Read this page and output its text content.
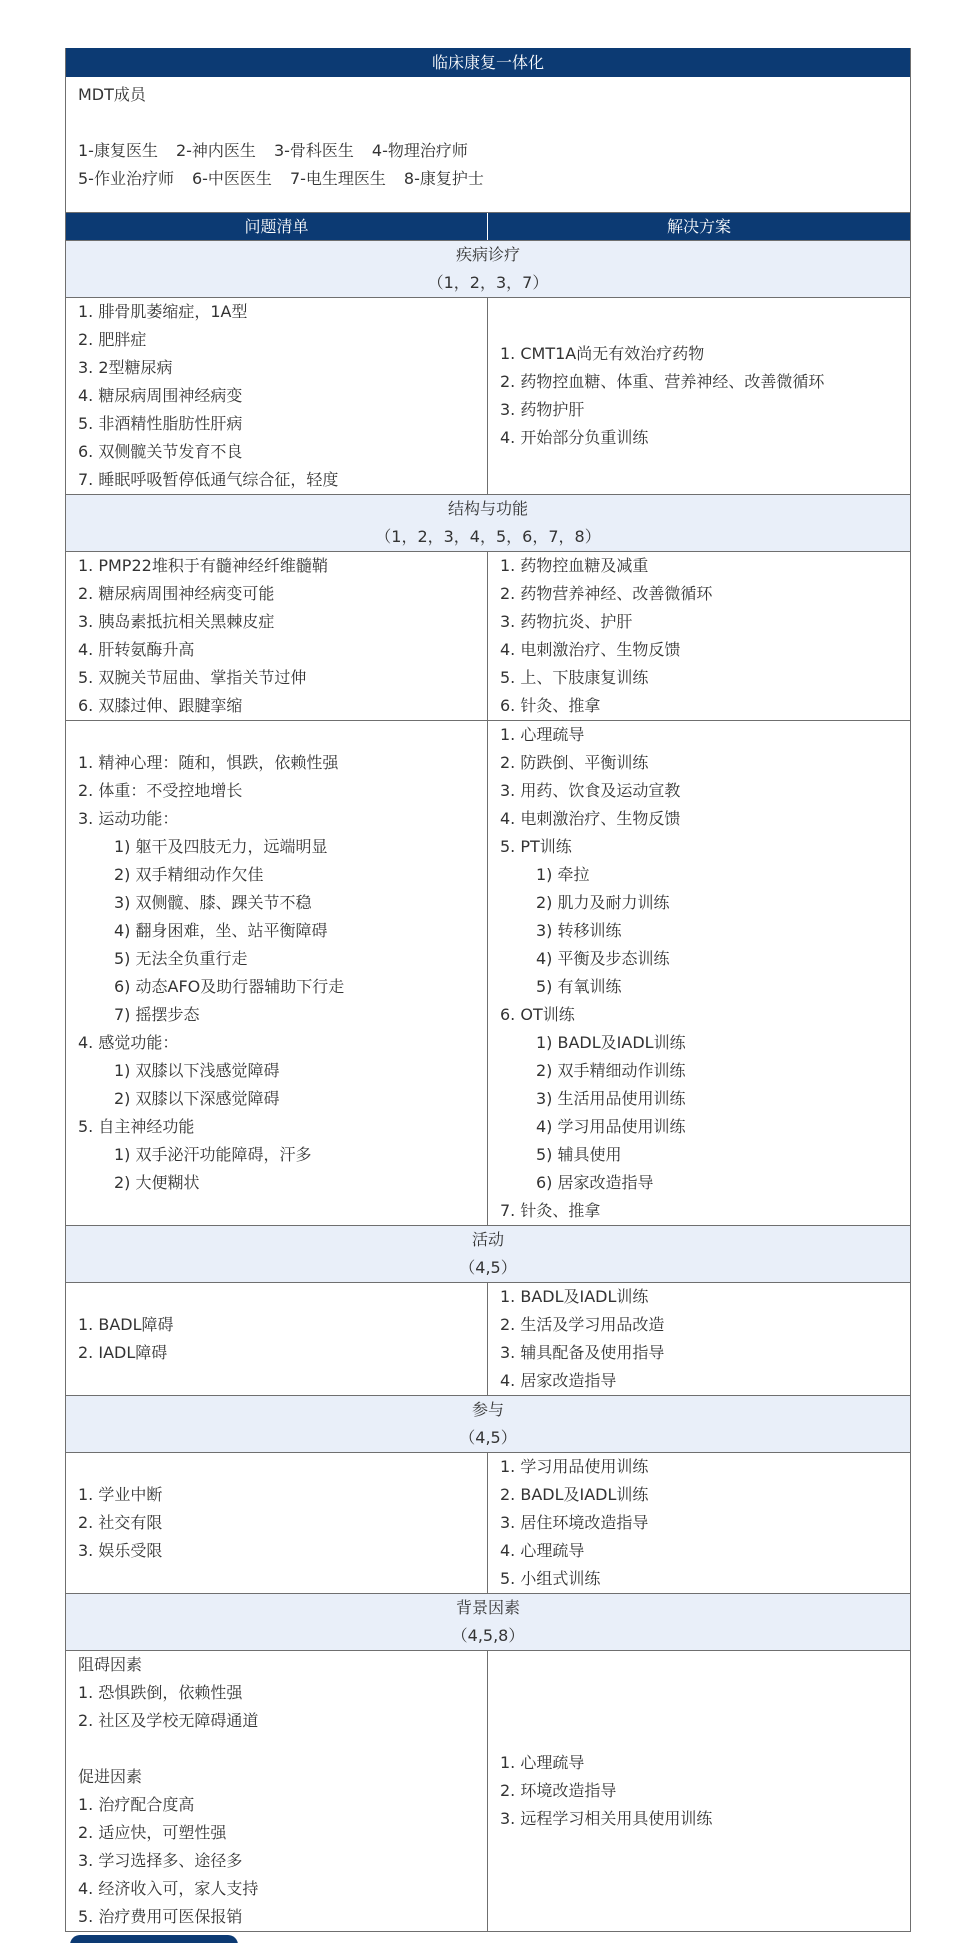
临床康复一体化
MDT成员
1-康复医生 2-神内医生 3-骨科医生 4-物理治疗师
5-作业治疗师 6-中医医生 7-电生理医生 8-康复护士
问题清单	解决方案
疾病诊疗
（1，2，3，7）
1. 腓骨肌萎缩症，1A型
2. 肥胖症
3. 2型糖尿病
4. 糖尿病周围神经病变
5. 非酒精性脂肪性肝病
6. 双侧髋关节发育不良
7. 睡眠呼吸暂停低通气综合征，轻度
1. CMT1A尚无有效治疗药物
2. 药物控血糖、体重、营养神经、改善微循环
3. 药物护肝
4. 开始部分负重训练
结构与功能
（1，2，3，4，5，6，7，8）
1. PMP22堆积于有髓神经纤维髓鞘
2. 糖尿病周围神经病变可能
3. 胰岛素抵抗相关黑棘皮症
4. 肝转氨酶升高
5. 双腕关节屈曲、掌指关节过伸
6. 双膝过伸、跟腱挛缩
1. 药物控血糖及减重
2. 药物营养神经、改善微循环
3. 药物抗炎、护肝
4. 电刺激治疗、生物反馈
5. 上、下肢康复训练
6. 针灸、推拿
1. 精神心理：随和，惧跌，依赖性强
2. 体重：不受控地增长
3. 运动功能：
1) 躯干及四肢无力，远端明显
2) 双手精细动作欠佳
3) 双侧髋、膝、踝关节不稳
4) 翻身困难，坐、站平衡障碍
5) 无法全负重行走
6) 动态AFO及助行器辅助下行走
7) 摇摆步态
4. 感觉功能：
1) 双膝以下浅感觉障碍
2) 双膝以下深感觉障碍
5. 自主神经功能
1) 双手泌汗功能障碍，汗多
2) 大便糊状
1. 心理疏导
2. 防跌倒、平衡训练
3. 用药、饮食及运动宣教
4. 电刺激治疗、生物反馈
5. PT训练
1) 牵拉
2) 肌力及耐力训练
3) 转移训练
4) 平衡及步态训练
5) 有氧训练
6. OT训练
1) BADL及IADL训练
2) 双手精细动作训练
3) 生活用品使用训练
4) 学习用品使用训练
5) 辅具使用
6) 居家改造指导
7. 针灸、推拿
活动
（4,5）
1. BADL障碍
2. IADL障碍
1. BADL及IADL训练
2. 生活及学习用品改造
3. 辅具配备及使用指导
4. 居家改造指导
参与
（4,5）
1. 学业中断
2. 社交有限
3. 娱乐受限
1. 学习用品使用训练
2. BADL及IADL训练
3. 居住环境改造指导
4. 心理疏导
5. 小组式训练
背景因素
（4,5,8）
阻碍因素
1. 恐惧跌倒，依赖性强
2. 社区及学校无障碍通道
促进因素
1. 治疗配合度高
2. 适应快，可塑性强
3. 学习选择多、途径多
4. 经济收入可，家人支持
5. 治疗费用可医保报销
1. 心理疏导
2. 环境改造指导
3. 远程学习相关用具使用训练
